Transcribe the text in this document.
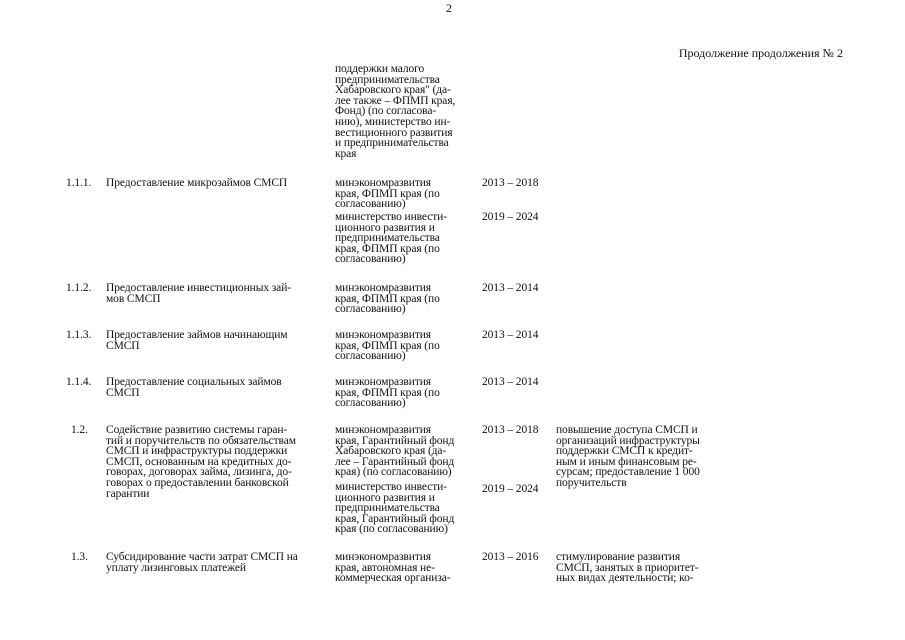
2
Продолжение продолжения № 2
поддержки малого
предпринимательства
Хабаровского края" (да-
лее также – ФПМП края,
Фонд) (по согласова-
нию), министерство ин-
вестиционного развития
и предпринимательства
края
1.1.1. Предоставление микрозаймов СМСП	минэкономразвития
края, ФПМП края (по
согласованию)
2013 – 2018
министерство инвести-
ционного развития и
предпринимательства
края, ФПМП края (по
согласованию)
2019 – 2024
1.1.2. Предоставление инвестиционных зай-
мов СМСП
минэкономразвития
края, ФПМП края (по
согласованию)
2013 – 2014
1.1.3. Предоставление займов начинающим
СМСП
минэкономразвития
края, ФПМП края (по
согласованию)
2013 – 2014
1.1.4. Предоставление социальных займов
СМСП
минэкономразвития
края, ФПМП края (по
согласованию)
2013 – 2014
1.2. Содействие развитию системы гаран-
тий и поручительств по обязательствам
СМСП и инфраструктуры поддержки
СМСП, основанным на кредитных до-
говорах, договорах займа, лизинга, до-
говорах о предоставлении банковской
гарантии
минэкономразвития
края, Гарантийный фонд
Хабаровского края (да-
лее – Гарантийный фонд
края) (по согласованию)
2013 – 2018 повышение доступа СМСП и
организаций инфраструктуры
поддержки СМСП к кредит-
ным и иным финансовым ре-
сурсам; предоставление 1 000
поручительств
министерство инвести-
ционного развития и
предпринимательства
края, Гарантийный фонд
края (по согласованию)
2019 – 2024
1.3. Субсидирование части затрат СМСП на
уплату лизинговых платежей
минэкономразвития
края, автономная не-
коммерческая организа-
2013 – 2016 стимулирование развития
СМСП, занятых в приоритет-
ных видах деятельности; ко-
